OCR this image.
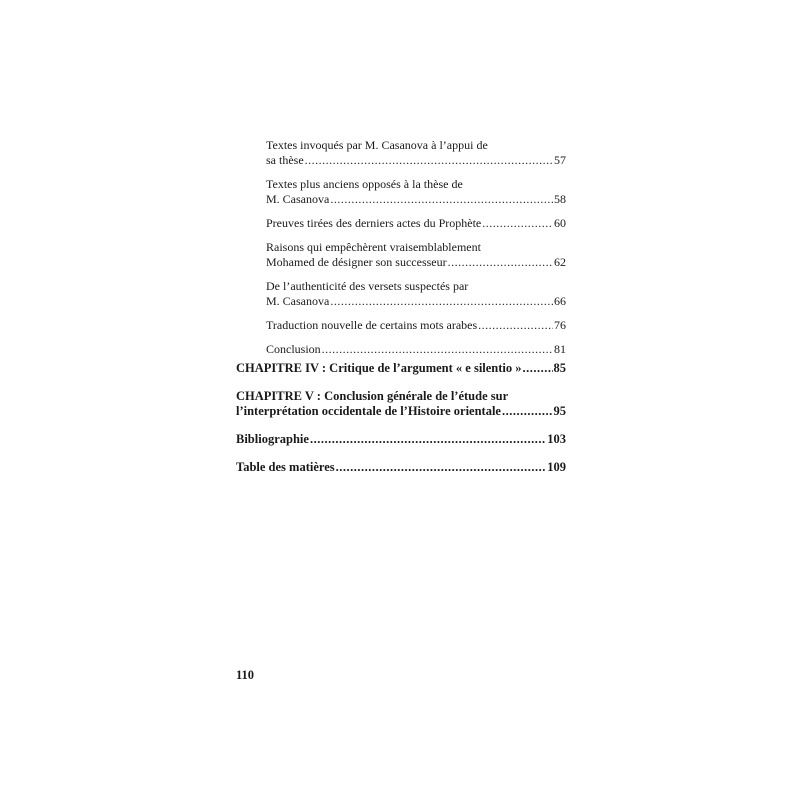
Textes invoqués par M. Casanova à l’appui de
sa thèse .....	57
Textes plus anciens opposés à la thèse de
M. Casanova .....	58
Preuves tirées des derniers actes du Prophète .....	60
Raisons qui empêchèrent vraisemblablement
Mohamed de désigner son successeur .....	62
De l’authenticité des versets suspectés par
M. Casanova .....	66
Traduction nouvelle de certains mots arabes .....	76
Conclusion .....	81
CHAPITRE IV : Critique de l’argument « e silentio » .....	85
CHAPITRE V : Conclusion générale de l’étude sur
l’interprétation occidentale de l’Histoire orientale .....	95
Bibliographie .....	103
Table des matières .....	109
110
